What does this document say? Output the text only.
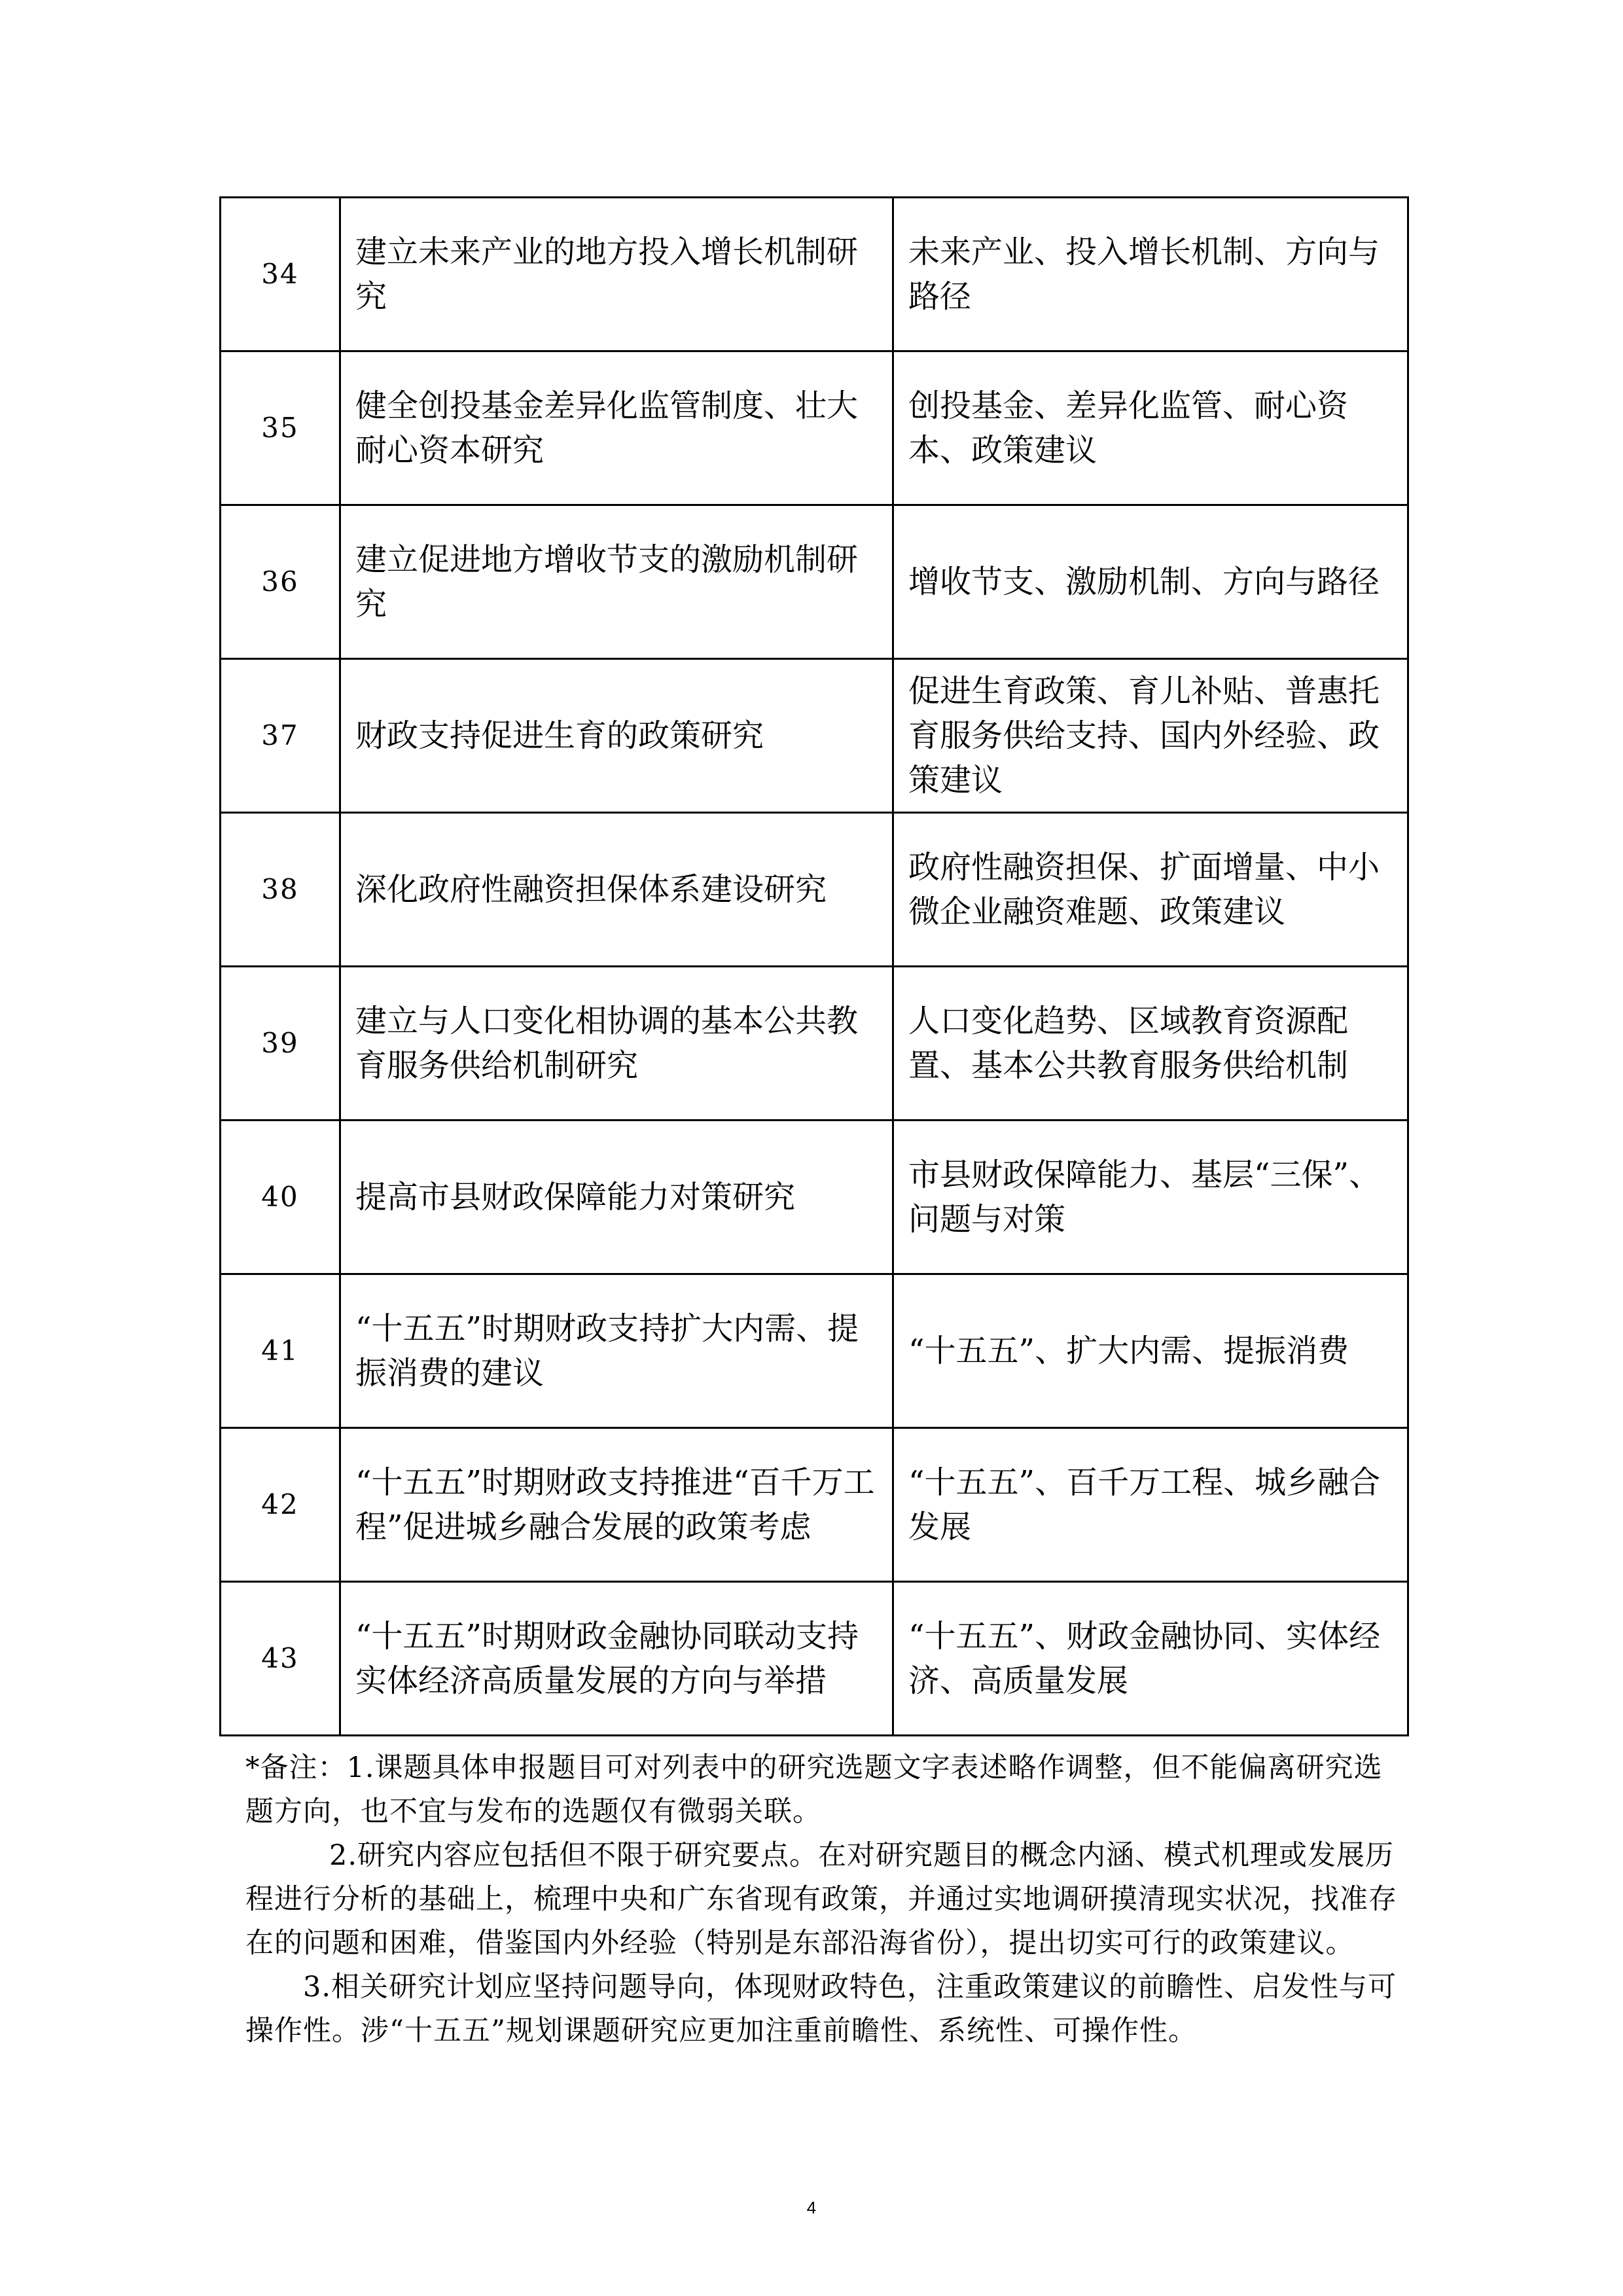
34	建立未来产业的地方投入增长机制研究	未来产业、投入增长机制、方向与路径
35	健全创投基金差异化监管制度、壮大耐心资本研究	创投基金、差异化监管、耐心资本、政策建议
36	建立促进地方增收节支的激励机制研究	增收节支、激励机制、方向与路径
37	财政支持促进生育的政策研究	促进生育政策、育儿补贴、普惠托育服务供给支持、国内外经验、政策建议
38	深化政府性融资担保体系建设研究	政府性融资担保、扩面增量、中小微企业融资难题、政策建议
39	建立与人口变化相协调的基本公共教育服务供给机制研究	人口变化趋势、区域教育资源配置、基本公共教育服务供给机制
40	提高市县财政保障能力对策研究	市县财政保障能力、基层“三保”、问题与对策
41	“十五五”时期财政支持扩大内需、提振消费的建议	“十五五”、扩大内需、提振消费
42	“十五五”时期财政支持推进“百千万工程”促进城乡融合发展的政策考虑	“十五五”、百千万工程、城乡融合发展
43	“十五五”时期财政金融协同联动支持实体经济高质量发展的方向与举措	“十五五”、财政金融协同、实体经济、高质量发展

*备注：1.课题具体申报题目可对列表中的研究选题文字表述略作调整，但不能偏离研究选题方向，也不宜与发布的选题仅有微弱关联。

2.研究内容应包括但不限于研究要点。在对研究题目的概念内涵、模式机理或发展历程进行分析的基础上，梳理中央和广东省现有政策，并通过实地调研摸清现实状况，找准存在的问题和困难，借鉴国内外经验（特别是东部沿海省份），提出切实可行的政策建议。

3.相关研究计划应坚持问题导向，体现财政特色，注重政策建议的前瞻性、启发性与可操作性。涉“十五五”规划课题研究应更加注重前瞻性、系统性、可操作性。

4
